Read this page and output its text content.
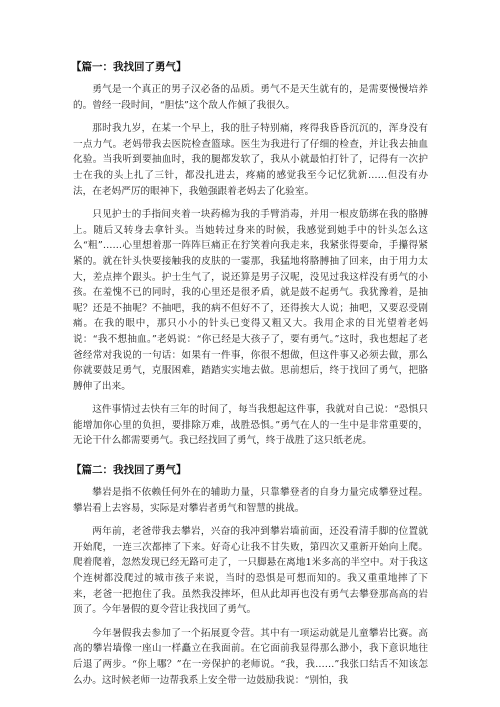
【篇一：我找回了勇气】

勇气是一个真正的男子汉必备的品质。勇气不是天生就有的，是需要慢慢培养的。曾经一段时间，“胆怯”这个敌人作倾了我很久。

那时我九岁，在某一个早上，我的肚子特别痛，疼得我昏昏沉沉的，浑身没有一点力气。老妈带我去医院检查篮球。医生为我进行了仔细的检查，并让我去抽血化验。当我听到要抽血时，我的腿都发软了，我从小就最怕打针了，记得有一次护士在我的头上扎了三针，都没扎进去，疼痛的感觉我至今记忆犹新……但没有办法，在老妈严厉的眼神下，我勉强跟着老妈去了化验室。

只见护士的手指间夹着一块药棉为我的手臂消毒，并用一根皮筋绑在我的胳膊上。随后又转身去拿针头。当她转过身来的时候，我感觉到她手中的针头怎么这么“粗”……心里想着那一阵阵巨痛正在狞笑着向我走来，我紧张得要命，手攥得紧紧的。就在针头快要接触我的皮肤的一霎那，我猛地将胳膊抽了回来，由于用力太大，差点摔个跟头。护士生气了，说还算是男子汉呢，没见过我这样没有勇气的小孩。在羞愧不已的同时，我的心里还是很矛盾，就是鼓不起勇气。我犹豫着，是抽呢？还是不抽呢？不抽吧，我的病不但好不了，还得挨大人说；抽吧，又要忍受剧痛。在我的眼中，那只小小的针头已变得又粗又大。我用企求的目光望着老妈说：“我不想抽血。”老妈说：“你已经是大孩子了，要有勇气。”这时，我也想起了老爸经常对我说的一句话：如果有一件事，你很不想做，但这件事又必须去做，那么你就要鼓足勇气，克服困难，踏踏实实地去做。思前想后，终于找回了勇气，把胳膊伸了出来。

这件事情过去快有三年的时间了，每当我想起这件事，我就对自己说：“恐惧只能增加你心里的负担，要排除万难，战胜恐惧。”勇气在人的一生中是非常重要的，无论干什么都需要勇气。我已经找回了勇气，终于战胜了这只纸老虎。

【篇二：我找回了勇气】

攀岩是指不依赖任何外在的辅助力量，只靠攀登者的自身力量完成攀登过程。攀岩看上去容易，实际是对攀岩者勇气和智慧的挑战。

两年前，老爸带我去攀岩，兴奋的我冲到攀岩墙前面，还没看清手脚的位置就开始爬，一连三次都摔了下来。好奇心让我不甘失败，第四次又重新开始向上爬。爬着爬着，忽然发现已经无路可走了，一只脚悬在离地1米多高的半空中。对于我这个连树都没爬过的城市孩子来说，当时的恐惧是可想而知的。我又重重地摔了下来，老爸一把抱住了我。虽然我没摔坏，但从此却再也没有勇气去攀登那高高的岩顶了。今年暑假的夏令营让我找回了勇气。

今年暑假我去参加了一个拓展夏令营。其中有一项运动就是儿童攀岩比赛。高高的攀岩墙像一座山一样矗立在我面前。在它面前我显得那么渺小，我下意识地往后退了两步。“你上哪？”在一旁保护的老师说。“我，我……”我张口结舌不知该怎么办。这时候老师一边帮我系上安全带一边鼓励我说：“别怕，我
